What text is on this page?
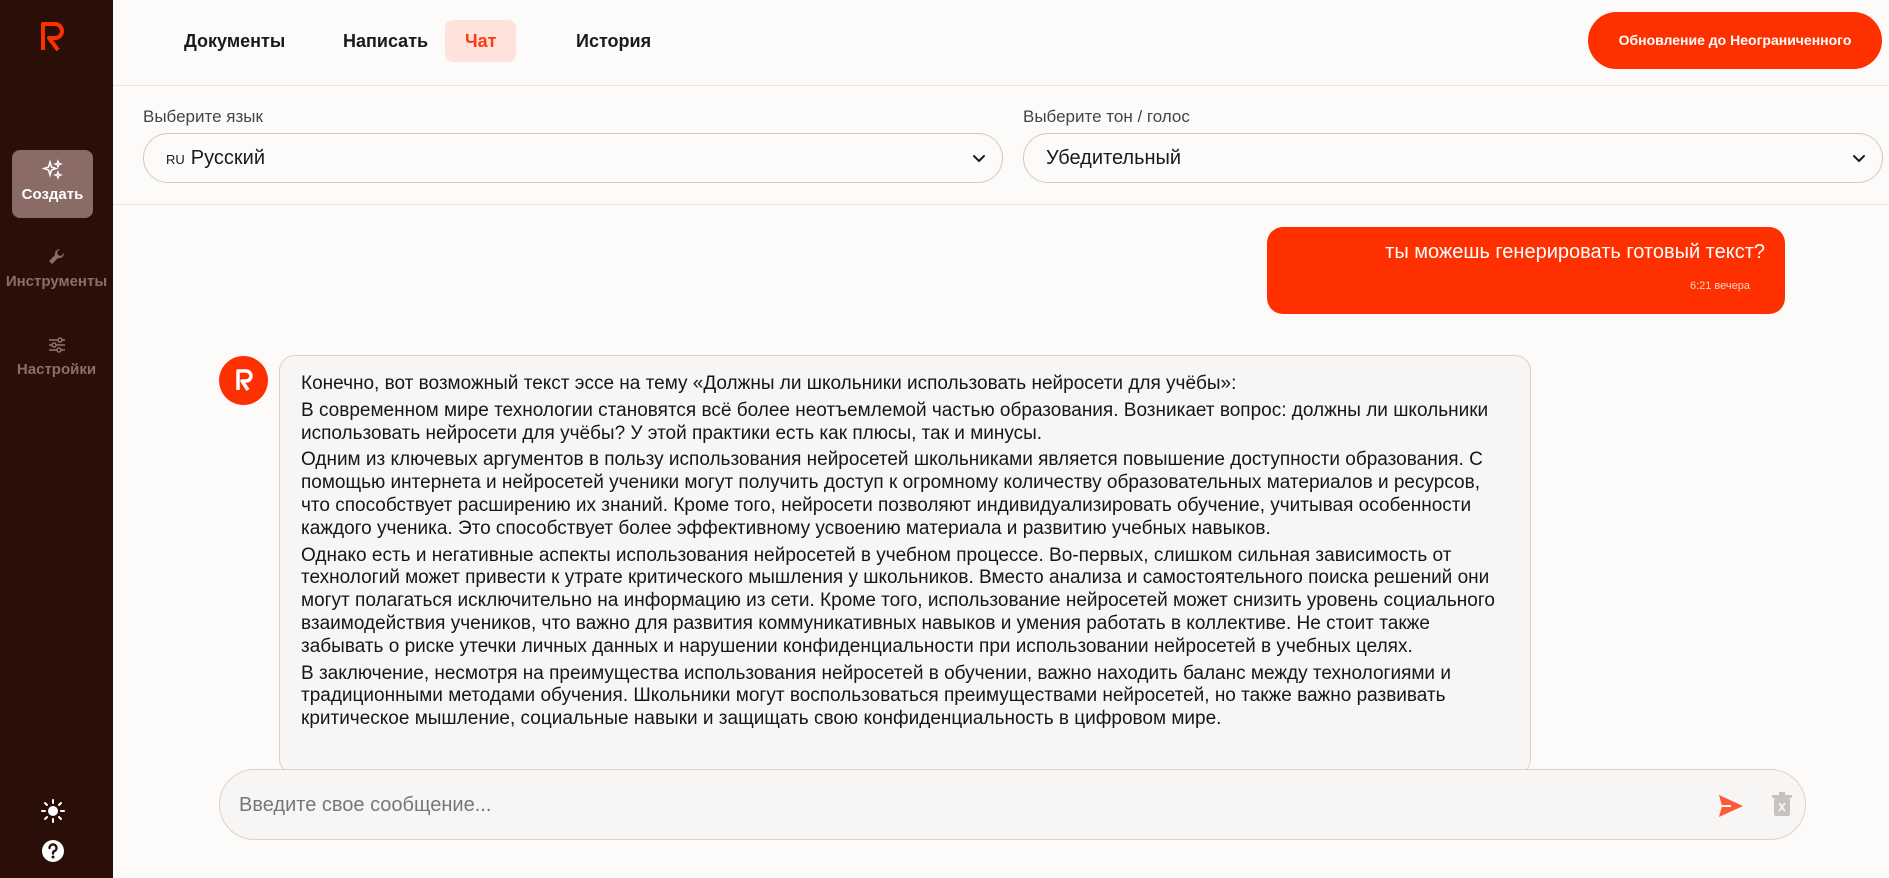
Создать
Инструменты
Настройки
Документы	Написать	Чат	История	Обновление до Неограниченного
Выберите язык
RU Русский
Выберите тон / голос
Убедительный
ты можешь генерировать готовый текст?
6:21 вечера

Конечно, вот возможный текст эссе на тему «Должны ли школьники использовать нейросети для учёбы»:

В современном мире технологии становятся всё более неотъемлемой частью образования. Возникает вопрос: должны ли школьники использовать нейросети для учёбы? У этой практики есть как плюсы, так и минусы.

Одним из ключевых аргументов в пользу использования нейросетей школьниками является повышение доступности образования. С помощью интернета и нейросетей ученики могут получить доступ к огромному количеству образовательных материалов и ресурсов, что способствует расширению их знаний. Кроме того, нейросети позволяют индивидуализировать обучение, учитывая особенности каждого ученика. Это способствует более эффективному усвоению материала и развитию учебных навыков.

Однако есть и негативные аспекты использования нейросетей в учебном процессе. Во-первых, слишком сильная зависимость от технологий может привести к утрате критического мышления у школьников. Вместо анализа и самостоятельного поиска решений они могут полагаться исключительно на информацию из сети. Кроме того, использование нейросетей может снизить уровень социального взаимодействия учеников, что важно для развития коммуникативных навыков и умения работать в коллективе. Не стоит также забывать о риске утечки личных данных и нарушении конфиденциальности при использовании нейросетей в учебных целях.

В заключение, несмотря на преимущества использования нейросетей в обучении, важно находить баланс между технологиями и традиционными методами обучения. Школьники могут воспользоваться преимуществами нейросетей, но также важно развивать критическое мышление, социальные навыки и защищать свою конфиденциальность в цифровом мире.

Введите свое сообщение...
